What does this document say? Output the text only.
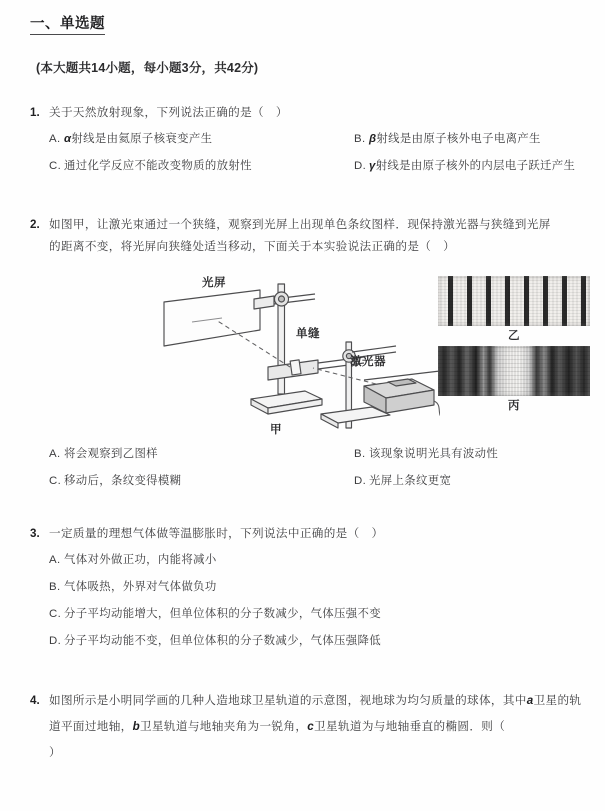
一、单选题
(本大题共14小题，每小题3分，共42分)
1. 关于天然放射现象，下列说法正确的是（　）
A. α射线是由氦原子核衰变产生	B. β射线是由原子核外电子电离产生
C. 通过化学反应不能改变物质的放射性	D. γ射线是由原子核外的内层电子跃迁产生
2. 如图甲，让激光束通过一个狭缝，观察到光屏上出现单色条纹图样．现保持激光器与狭缝到光屏
的距离不变，将光屏向狭缝处适当移动，下面关于本实验说法正确的是（　）
光屏
单缝
激光器
甲
乙
丙
A. 将会观察到乙图样	B. 该现象说明光具有波动性
C. 移动后，条纹变得模糊	D. 光屏上条纹更宽
3. 一定质量的理想气体做等温膨胀时，下列说法中正确的是（　）
A. 气体对外做正功，内能将减小
B. 气体吸热，外界对气体做负功
C. 分子平均动能增大，但单位体积的分子数减少，气体压强不变
D. 分子平均动能不变，但单位体积的分子数减少，气体压强降低
4. 如图所示是小明同学画的几种人造地球卫星轨道的示意图，视地球为均匀质量的球体，其中a卫星的轨道平面过地轴，b卫星轨道与地轴夹角为一锐角，c卫星轨道为与地轴垂直的椭圆．则（
）
